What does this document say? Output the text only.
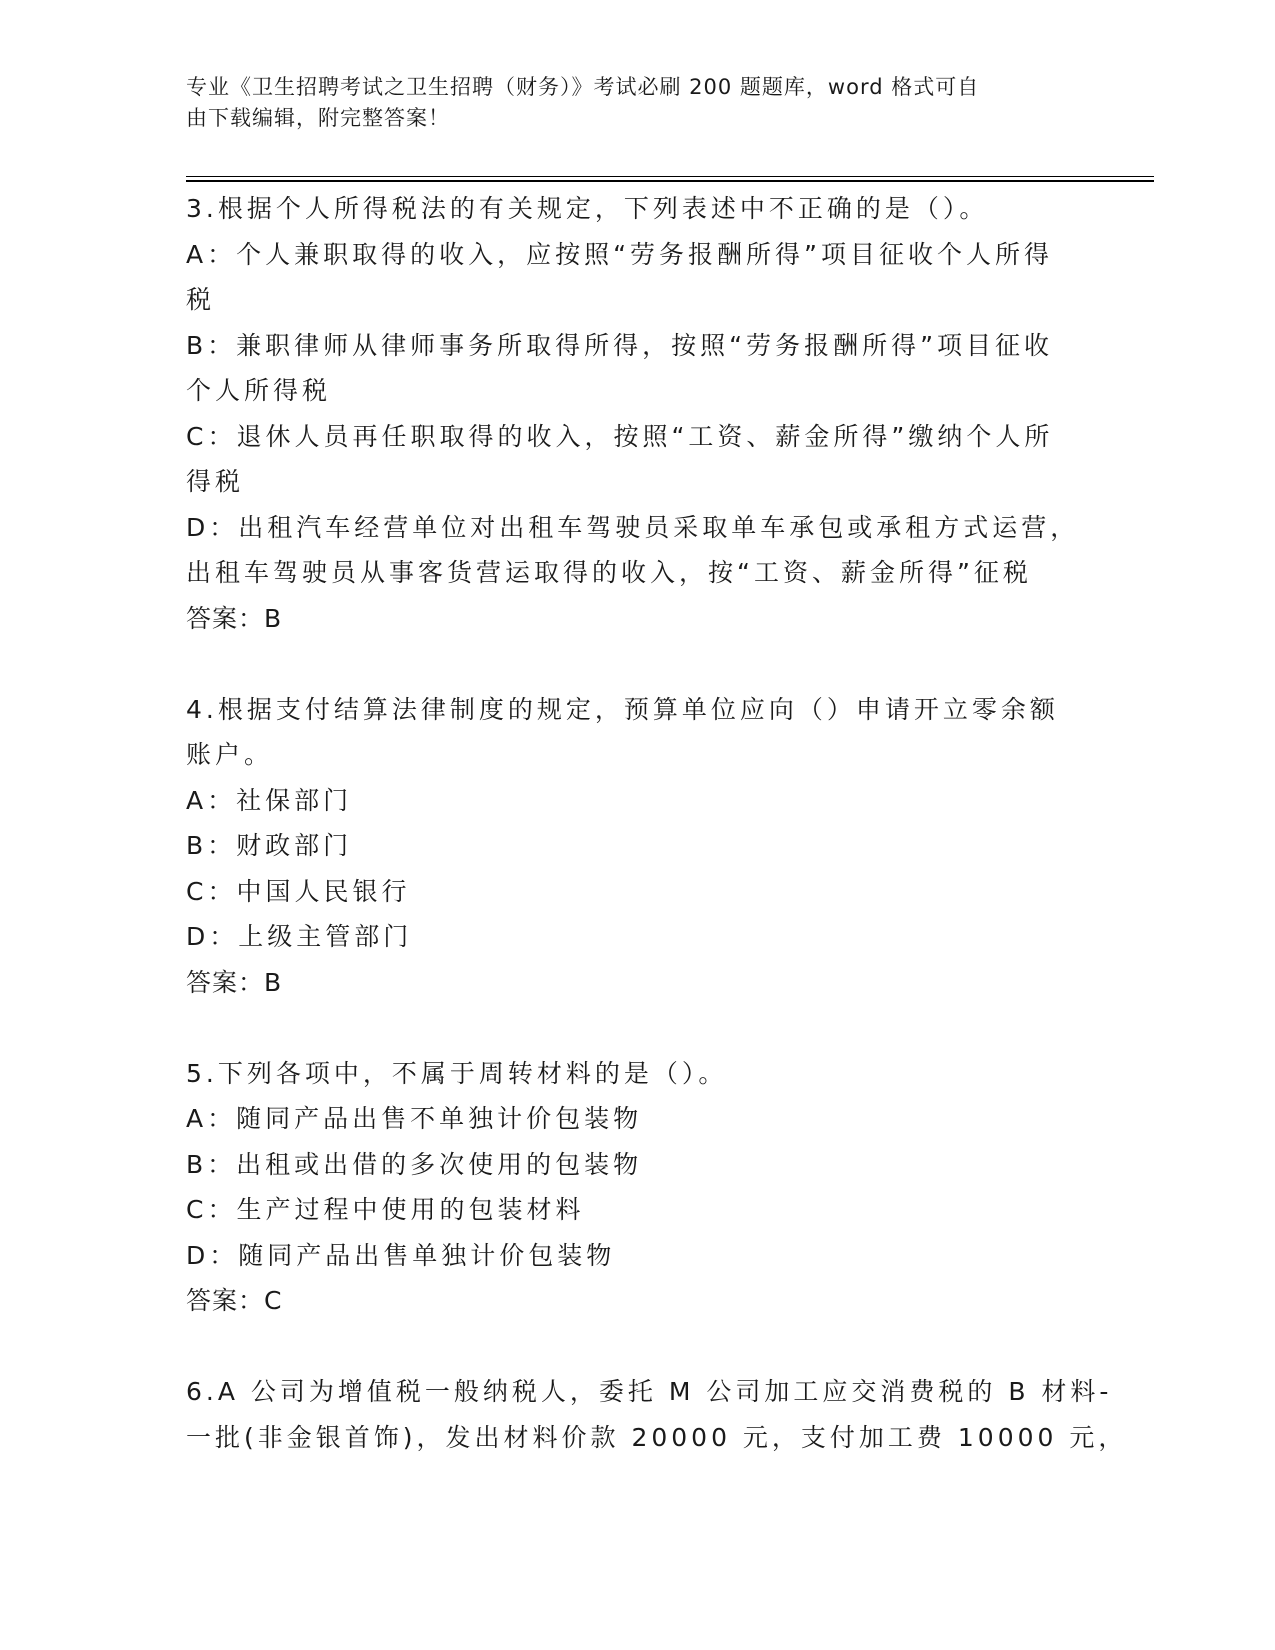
专业《卫生招聘考试之卫生招聘（财务）》考试必刷 200 题题库，word 格式可自
由下载编辑，附完整答案！
3.根据个人所得税法的有关规定，下列表述中不正确的是（）。
A：个人兼职取得的收入，应按照“劳务报酬所得”项目征收个人所得
税
B：兼职律师从律师事务所取得所得，按照“劳务报酬所得”项目征收
个人所得税
C：退休人员再任职取得的收入，按照“工资、薪金所得”缴纳个人所
得税
D：出租汽车经营单位对出租车驾驶员采取单车承包或承租方式运营，
出租车驾驶员从事客货营运取得的收入，按“工资、薪金所得”征税
答案：B
4.根据支付结算法律制度的规定，预算单位应向（）申请开立零余额
账户。
A：社保部门
B：财政部门
C：中国人民银行
D：上级主管部门
答案：B
5.下列各项中，不属于周转材料的是（）。
A：随同产品出售不单独计价包装物
B：出租或出借的多次使用的包装物
C：生产过程中使用的包装材料
D：随同产品出售单独计价包装物
答案：C
6.A 公司为增值税一般纳税人，委托 M 公司加工应交消费税的 B 材料-
一批(非金银首饰)，发出材料价款 20000 元，支付加工费 10000 元，
